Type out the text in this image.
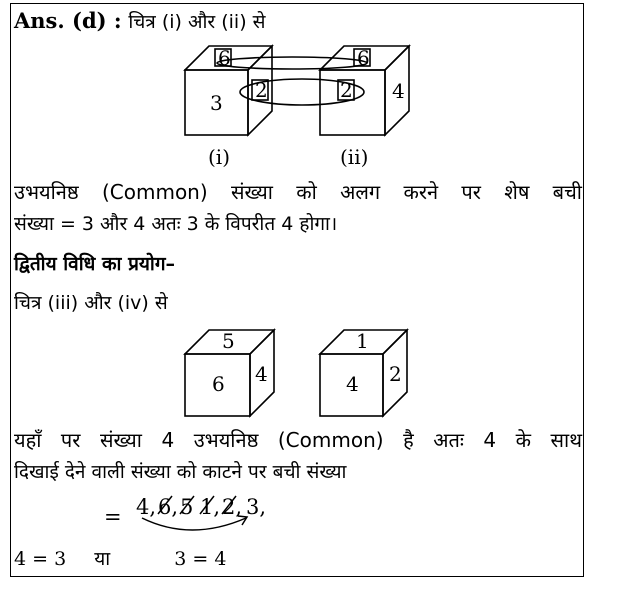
Ans. (d) : चित्र (i) और (ii) से
6
3
2
6
2 4
(i)	(ii)
उभयनिष्ठ (Common) संख्या को अलग करने पर शेष बची
संख्या = 3 और 4 अतः 3 के विपरीत 4 होगा।
द्वितीय विधि का प्रयोग–
चित्र (iii) और (iv) से
5
6 4
1
4 2
यहाँ पर संख्या 4 उभयनिष्ठ (Common) है अतः 4 के साथ
दिखाई देने वाली संख्या को काटने पर बची संख्या
= 4, 6, 5 1, 2, 3,
4 = 3 या	3 = 4
